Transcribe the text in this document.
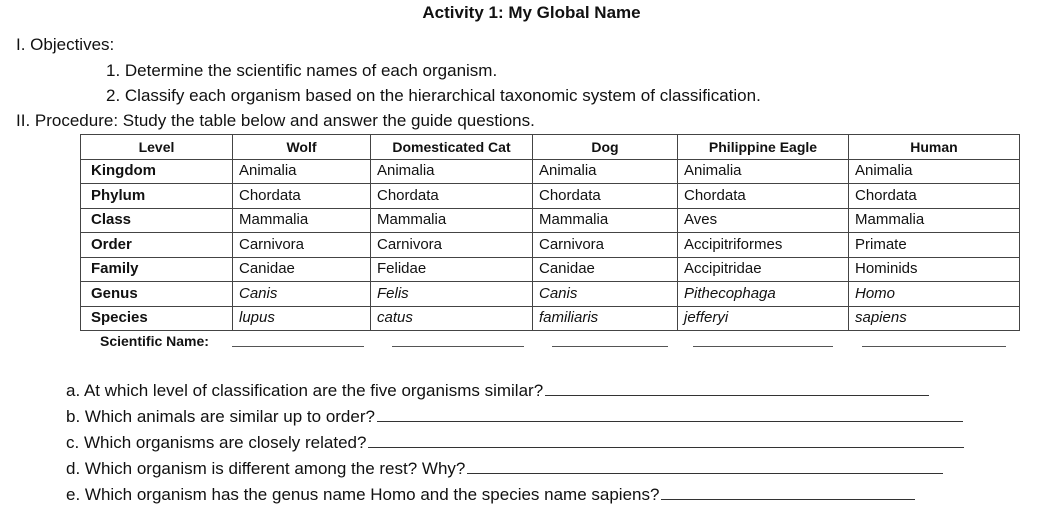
Activity 1: My Global Name
I. Objectives:
1. Determine the scientific names of each organism.
2. Classify each organism based on the hierarchical taxonomic system of classification.
II. Procedure: Study the table below and answer the guide questions.
Level	Wolf	Domesticated Cat	Dog	Philippine Eagle	Human
Kingdom	Animalia	Animalia	Animalia	Animalia	Animalia
Phylum	Chordata	Chordata	Chordata	Chordata	Chordata
Class	Mammalia	Mammalia	Mammalia	Aves	Mammalia
Order	Carnivora	Carnivora	Carnivora	Accipitriformes	Primate
Family	Canidae	Felidae	Canidae	Accipitridae	Hominids
Genus	Canis	Felis	Canis	Pithecophaga	Homo
Species	lupus	catus	familiaris	jefferyi	sapiens
Scientific Name:
a. At which level of classification are the five organisms similar?
b. Which animals are similar up to order?
c. Which organisms are closely related?
d. Which organism is different among the rest? Why?
e. Which organism has the genus name Homo and the species name sapiens?
